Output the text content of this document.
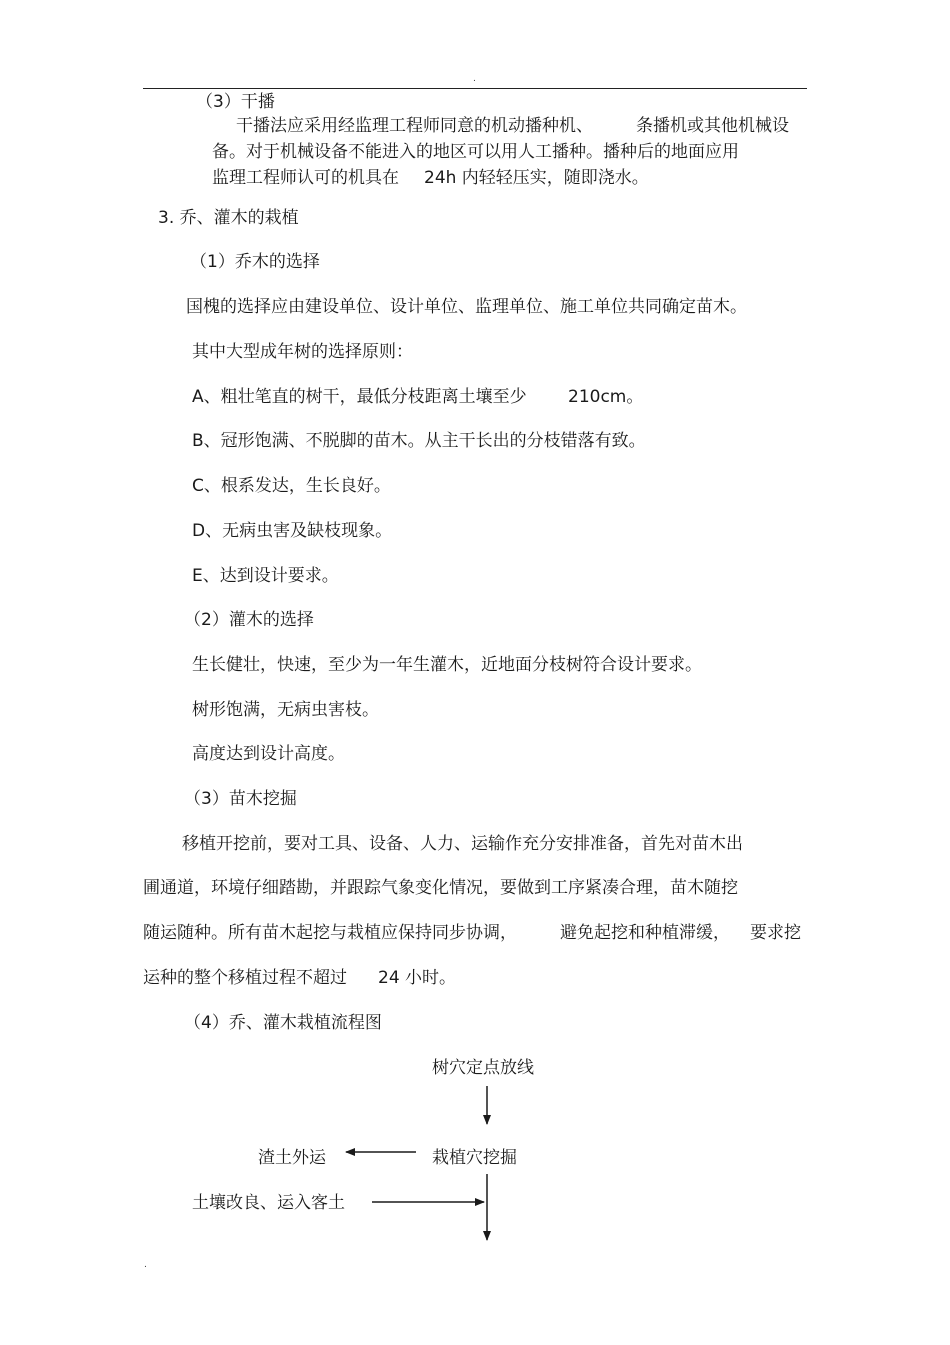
.
（3）干播
干播法应采用经监理工程师同意的机动播种机、	条播机或其他机械设
备。对于机械设备不能进入的地区可以用人工播种。播种后的地面应用
监理工程师认可的机具在 24h 内轻轻压实，随即浇水。
3. 乔、灌木的栽植
（1）乔木的选择
国槐的选择应由建设单位、设计单位、监理单位、施工单位共同确定苗木。
其中大型成年树的选择原则：
A、粗壮笔直的树干，最低分枝距离土壤至少 210cm。
B、冠形饱满、不脱脚的苗木。从主干长出的分枝错落有致。
C、根系发达，生长良好。
D、无病虫害及缺枝现象。
E、达到设计要求。
（2）灌木的选择
生长健壮，快速，至少为一年生灌木，近地面分枝树符合设计要求。
树形饱满，无病虫害枝。
高度达到设计高度。
（3）苗木挖掘
移植开挖前，要对工具、设备、人力、运输作充分安排准备，首先对苗木出
圃通道，环境仔细踏勘，并跟踪气象变化情况，要做到工序紧凑合理，苗木随挖
随运随种。所有苗木起挖与栽植应保持同步协调，	避免起挖和种植滞缓， 要求挖
运种的整个移植过程不超过 24 小时。
（4）乔、灌木栽植流程图
树穴定点放线
栽植穴挖掘
渣土外运
土壤改良、运入客土
.
